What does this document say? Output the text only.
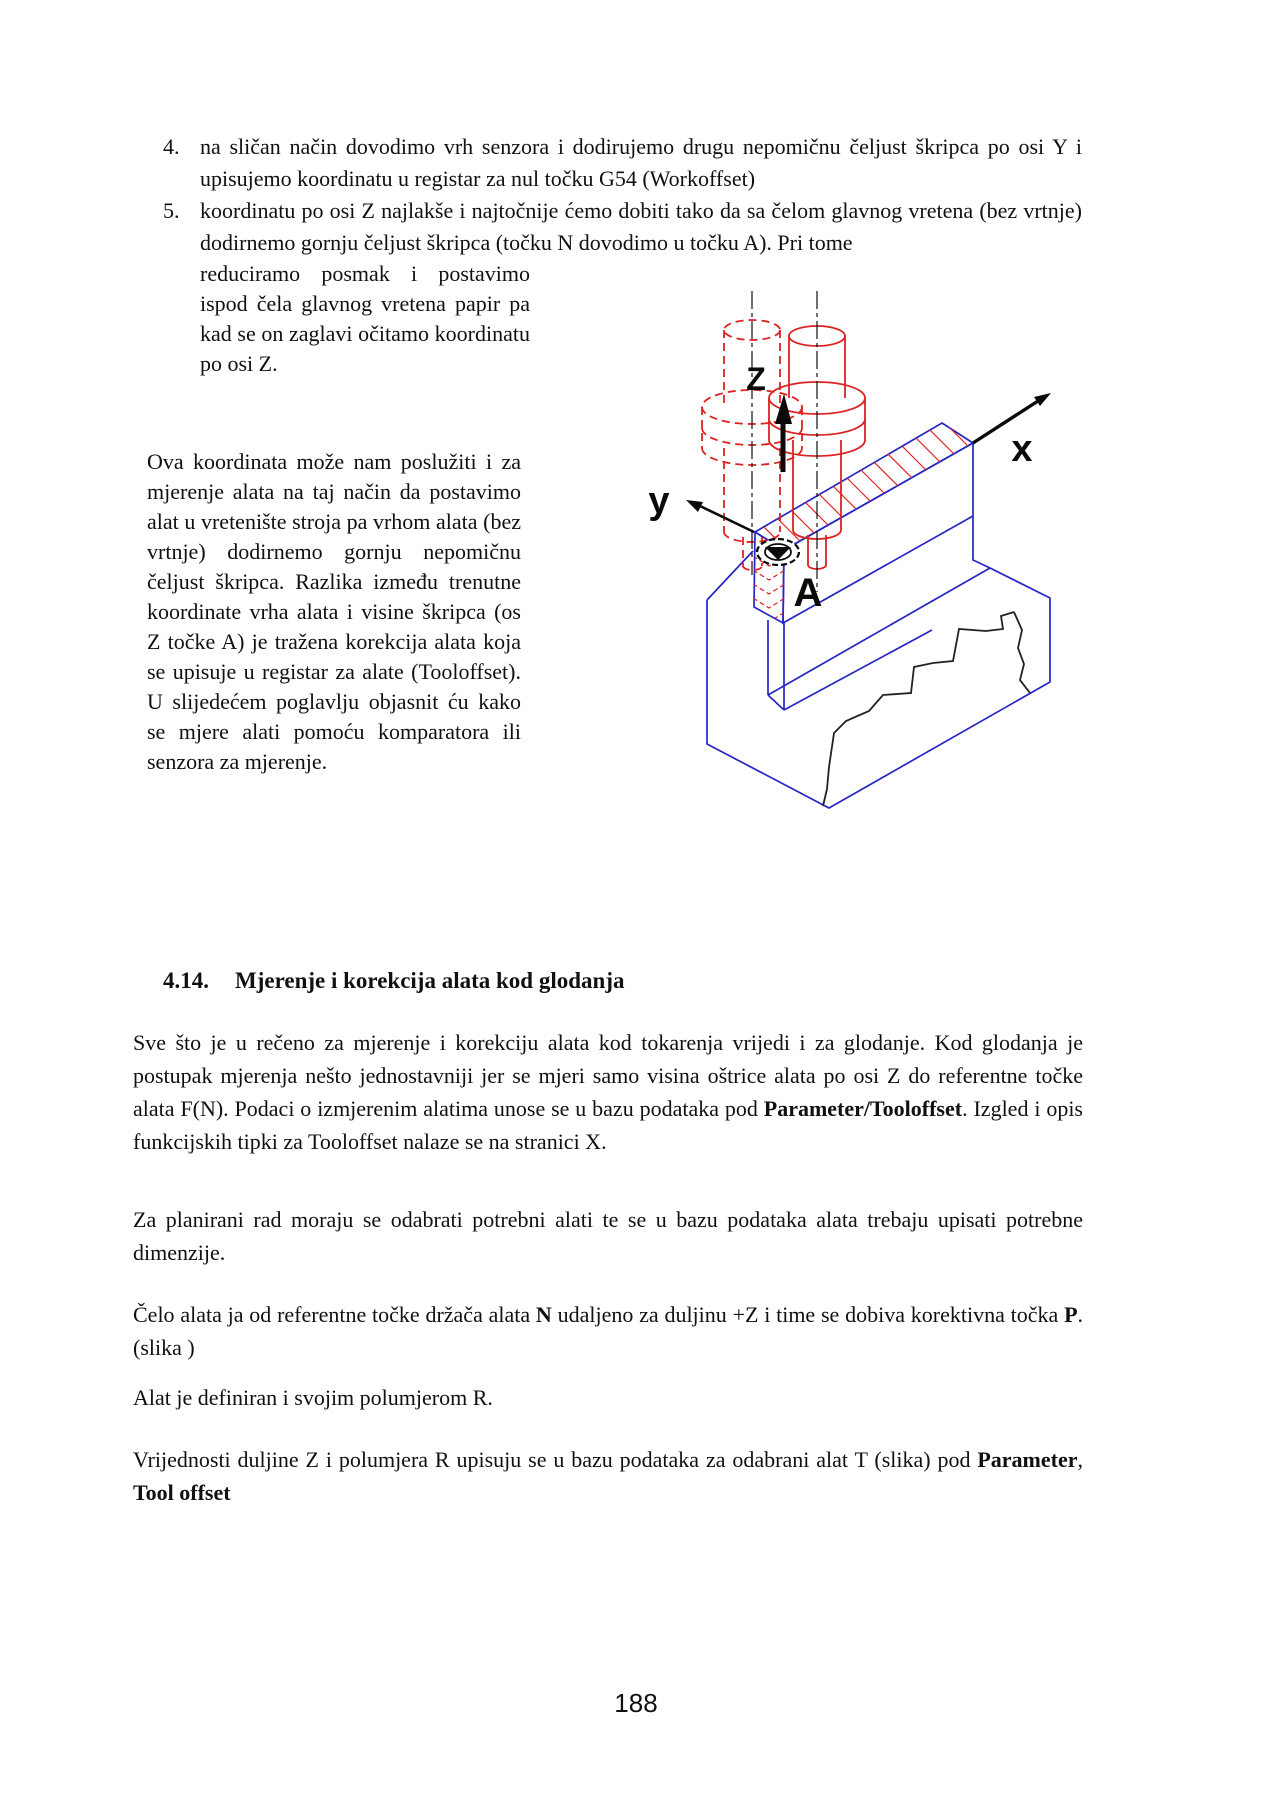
4. na sličan način dovodimo vrh senzora i dodirujemo drugu nepomičnu čeljust škripca po osi Y i upisujemo koordinatu u registar za nul točku G54 (Workoffset)
5. koordinatu po osi Z najlakše i najtočnije ćemo dobiti tako da sa čelom glavnog vretena (bez vrtnje) dodirnemo gornju čeljust škripca (točku N dovodimo u točku A). Pri tome
reduciramo posmak i postavimo ispod čela glavnog vretena papir pa kad se on zaglavi očitamo koordinatu po osi Z.
Ova koordinata može nam poslužiti i za mjerenje alata na taj način da postavimo alat u vretenište stroja pa vrhom alata (bez vrtnje) dodirnemo gornju nepomičnu čeljust škripca. Razlika između trenutne koordinate vrha alata i visine škripca (os Z točke A) je tražena korekcija alata koja se upisuje u registar za alate (Tooloffset). U slijedećem poglavlju objasnit ću kako se mjere alati pomoću komparatora ili senzora za mjerenje.
Z
y
x
A
4.14. Mjerenje i korekcija alata kod glodanja
Sve što je u rečeno za mjerenje i korekciju alata kod tokarenja vrijedi i za glodanje. Kod glodanja je postupak mjerenja nešto jednostavniji jer se mjeri samo visina oštrice alata po osi Z do referentne točke alata F(N). Podaci o izmjerenim alatima unose se u bazu podataka pod Parameter/Tooloffset. Izgled i opis funkcijskih tipki za Tooloffset nalaze se na stranici X.
Za planirani rad moraju se odabrati potrebni alati te se u bazu podataka alata trebaju upisati potrebne dimenzije.
Čelo alata ja od referentne točke držača alata N udaljeno za duljinu +Z i time se dobiva korektivna točka P. (slika )
Alat je definiran i svojim polumjerom R.
Vrijednosti duljine Z i polumjera R upisuju se u bazu podataka za odabrani alat T (slika) pod Parameter, Tool offset
188
